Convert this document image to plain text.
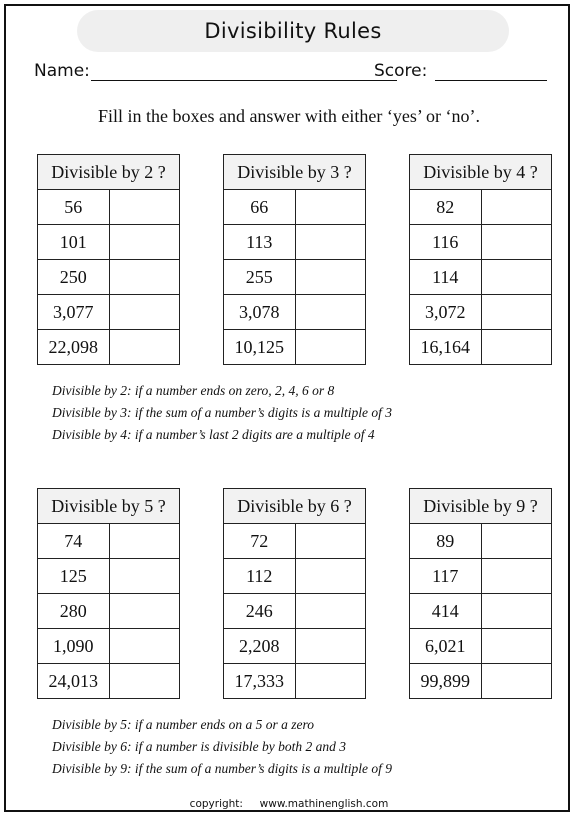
Divisibility Rules
Name:	Score:
Fill in the boxes and answer with either ‘yes’ or ‘no’.
Divisible by 2 ?	
56	
101	
250	
3,077	
22,098	
Divisible by 3 ?	
66	
113	
255	
3,078	
10,125	
Divisible by 4 ?	
82	
116	
114	
3,072	
16,164	
Divisible by 2: if a number ends on zero, 2, 4, 6 or 8
Divisible by 3: if the sum of a number’s digits is a multiple of 3
Divisible by 4: if a number’s last 2 digits are a multiple of 4
Divisible by 5 ?	
74	
125	
280	
1,090	
24,013	
Divisible by 6 ?	
72	
112	
246	
2,208	
17,333	
Divisible by 9 ?	
89	
117	
414	
6,021	
99,899	
Divisible by 5: if a number ends on a 5 or a zero
Divisible by 6: if a number is divisible by both 2 and 3
Divisible by 9: if the sum of a number’s digits is a multiple of 9
copyright: www.mathinenglish.com
